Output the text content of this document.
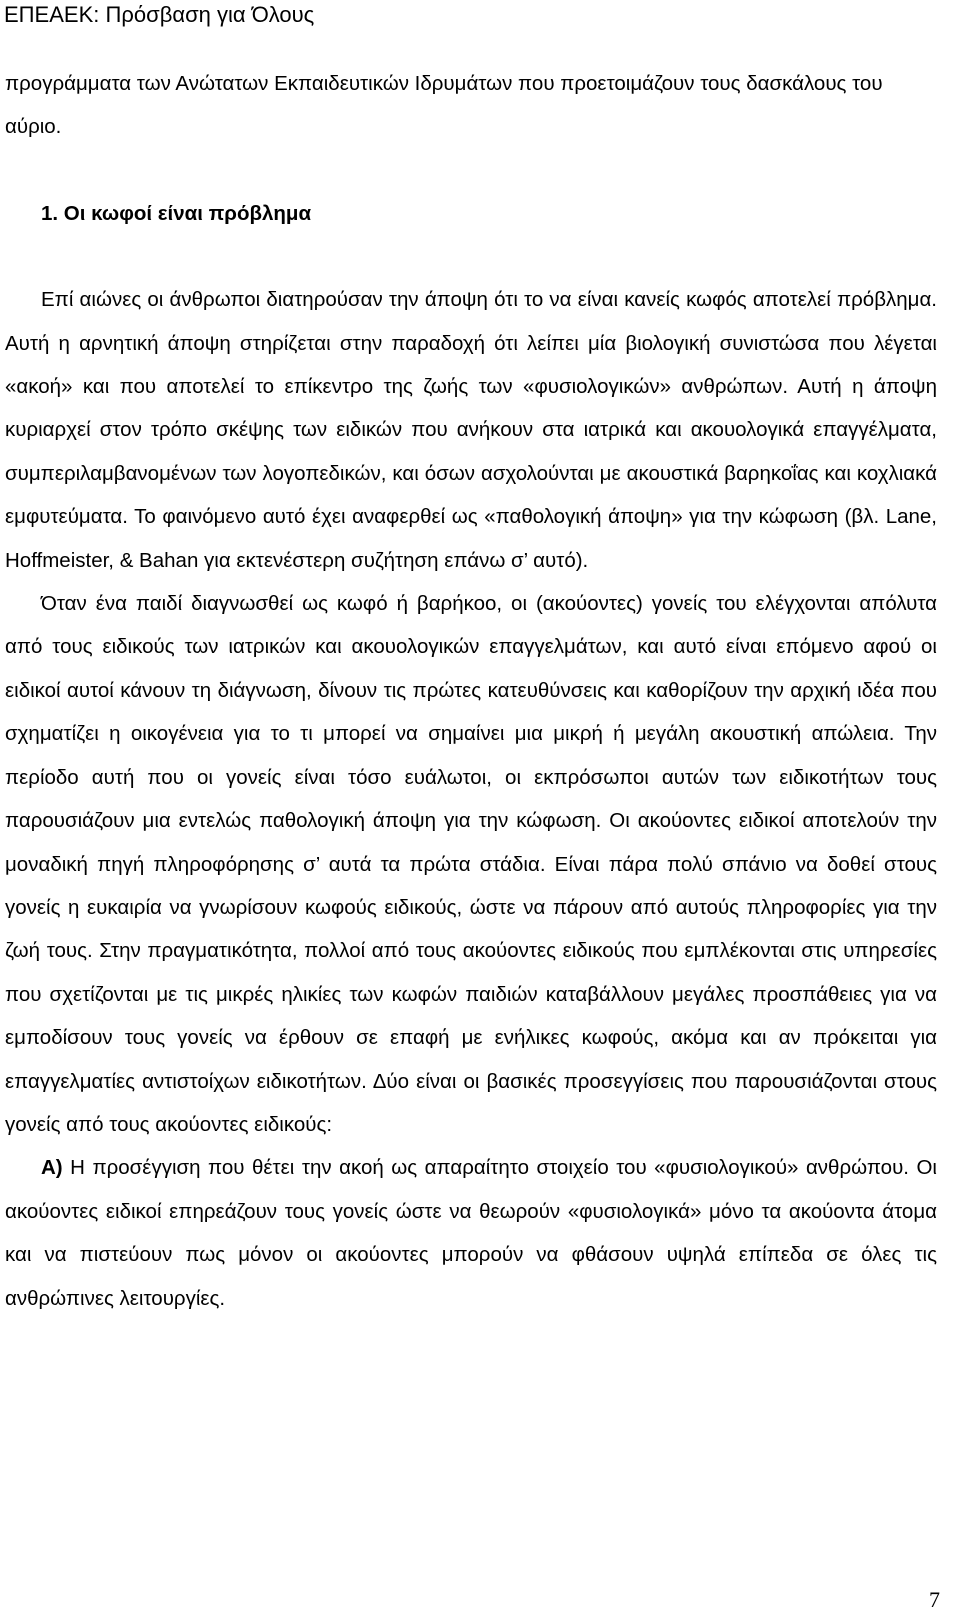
ΕΠΕΑΕΚ: Πρόσβαση για Όλους

προγράμματα των Ανώτατων Εκπαιδευτικών Ιδρυμάτων που προετοιμάζουν τους δασκάλους του αύριο.

1. Οι κωφοί είναι πρόβλημα

Επί αιώνες οι άνθρωποι διατηρούσαν την άποψη ότι το να είναι κανείς κωφός αποτελεί πρόβλημα. Αυτή η αρνητική άποψη στηρίζεται στην παραδοχή ότι λείπει μία βιολογική συνιστώσα που λέγεται «ακοή» και που αποτελεί το επίκεντρο της ζωής των «φυσιολογικών» ανθρώπων. Αυτή η άποψη κυριαρχεί στον τρόπο σκέψης των ειδικών που ανήκουν στα ιατρικά και ακουολογικά επαγγέλματα, συμπεριλαμβανομένων των λογοπεδικών, και όσων ασχολούνται με ακουστικά βαρηκοΐας και κοχλιακά εμφυτεύματα. Το φαινόμενο αυτό έχει αναφερθεί ως «παθολογική άποψη» για την κώφωση (βλ. Lane, Hoffmeister, & Bahan για εκτενέστερη συζήτηση επάνω σ’ αυτό).

Όταν ένα παιδί διαγνωσθεί ως κωφό ή βαρήκοο, οι (ακούοντες) γονείς του ελέγχονται απόλυτα από τους ειδικούς των ιατρικών και ακουολογικών επαγγελμάτων, και αυτό είναι επόμενο αφού οι ειδικοί αυτοί κάνουν τη διάγνωση, δίνουν τις πρώτες κατευθύνσεις και καθορίζουν την αρχική ιδέα που σχηματίζει η οικογένεια για το τι μπορεί να σημαίνει μια μικρή ή μεγάλη ακουστική απώλεια. Την περίοδο αυτή που οι γονείς είναι τόσο ευάλωτοι, οι εκπρόσωποι αυτών των ειδικοτήτων τους παρουσιάζουν μια εντελώς παθολογική άποψη για την κώφωση. Οι ακούοντες ειδικοί αποτελούν την μοναδική πηγή πληροφόρησης σ’ αυτά τα πρώτα στάδια. Είναι πάρα πολύ σπάνιο να δοθεί στους γονείς η ευκαιρία να γνωρίσουν κωφούς ειδικούς, ώστε να πάρουν από αυτούς πληροφορίες για την ζωή τους. Στην πραγματικότητα, πολλοί από τους ακούοντες ειδικούς που εμπλέκονται στις υπηρεσίες που σχετίζονται με τις μικρές ηλικίες των κωφών παιδιών καταβάλλουν μεγάλες προσπάθειες για να εμποδίσουν τους γονείς να έρθουν σε επαφή με ενήλικες κωφούς, ακόμα και αν πρόκειται για επαγγελματίες αντιστοίχων ειδικοτήτων. Δύο είναι οι βασικές προσεγγίσεις που παρουσιάζονται στους γονείς από τους ακούοντες ειδικούς:

Α) Η προσέγγιση που θέτει την ακοή ως απαραίτητο στοιχείο του «φυσιολογικού» ανθρώπου. Οι ακούοντες ειδικοί επηρεάζουν τους γονείς ώστε να θεωρούν «φυσιολογικά» μόνο τα ακούοντα άτομα και να πιστεύουν πως μόνον οι ακούοντες μπορούν να φθάσουν υψηλά επίπεδα σε όλες τις ανθρώπινες λειτουργίες.

7
